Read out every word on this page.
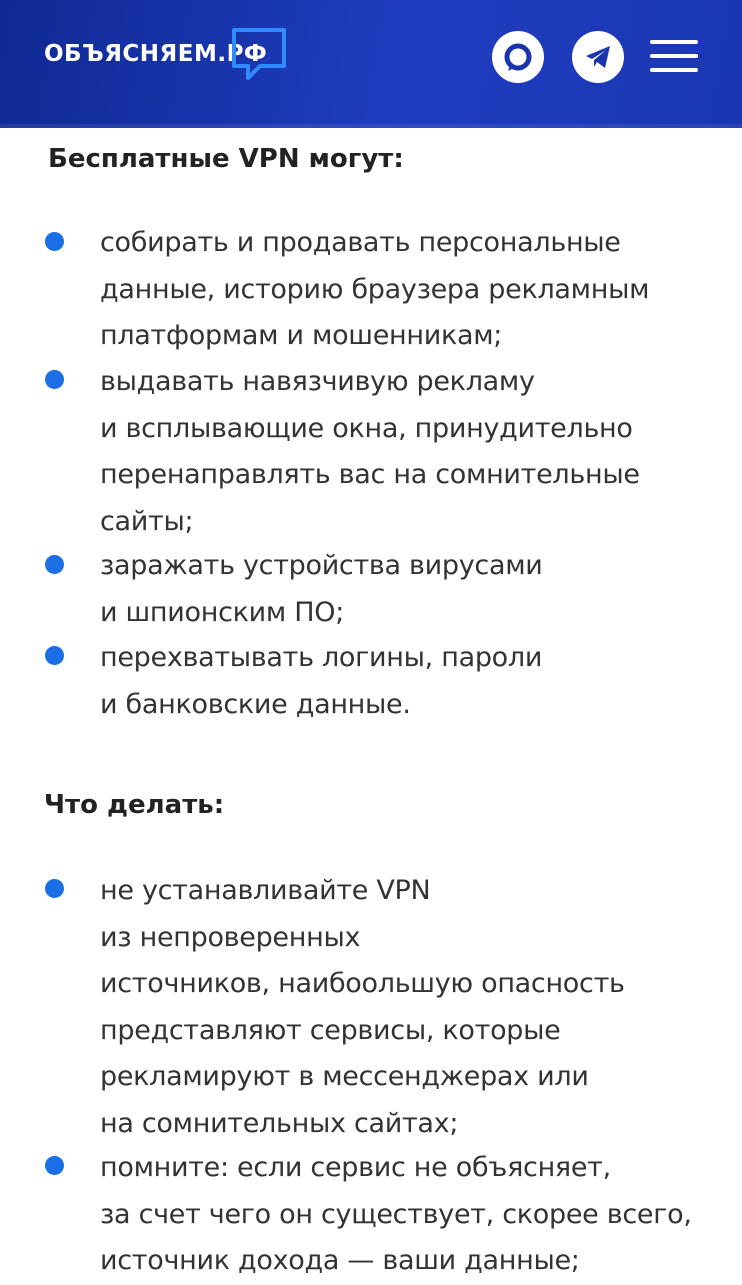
ОБЪЯСНЯЕМ.РФ
Бесплатные VPN могут:
собирать и продавать персональные
данные, историю браузера рекламным
платформам и мошенникам;
выдавать навязчивую рекламу
и всплывающие окна, принудительно
перенаправлять вас на сомнительные
сайты;
заражать устройства вирусами
и шпионским ПО;
перехватывать логины, пароли
и банковские данные.
Что делать:
не устанавливайте VPN
из непроверенных
источников, наибоольшую опасность
представляют сервисы, которые
рекламируют в мессенджерах или
на сомнительных сайтах;
помните: если сервис не объясняет,
за счет чего он существует, скорее всего,
источник дохода — ваши данные;
